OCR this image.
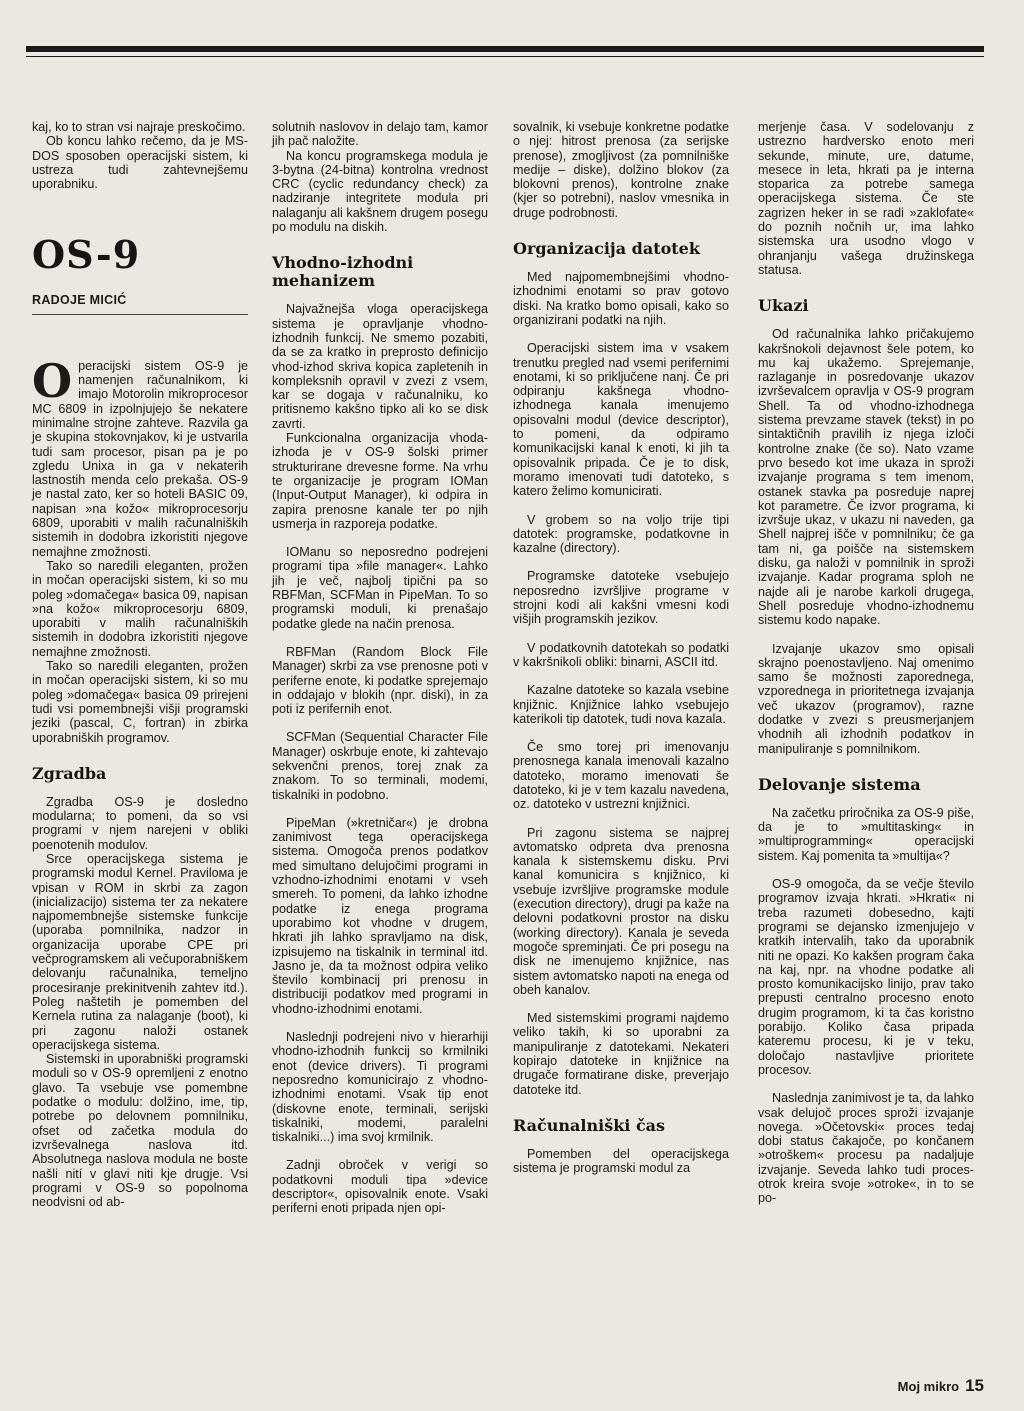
kaj, ko to stran vsi najraje preskočimo.

Ob koncu lahko rečemo, da je MS-DOS sposoben operacijski sistem, ki ustreza tudi zahtevnejšemu uporabniku.

OS-9
RADOJE MICIĆ

Operacijski sistem OS-9 je namenjen računalnikom, ki imajo Motorolin mikroprocesor MC 6809 in izpolnjujejo še nekatere minimalne strojne zahteve. Razvila ga je skupina stokovnjakov, ki je ustvarila tudi sam procesor, pisan pa je po zgledu Unixa in ga v nekaterih lastnostih menda celo prekaša. OS-9 je nastal zato, ker so hoteli BASIC 09, napisan »na kožo« mikroprocesorju 6809, uporabiti v malih računalniških sistemih in dodobra izkoristiti njegove nemajhne zmožnosti.

Tako so naredili eleganten, prožen in močan operacijski sistem, ki so mu poleg »domačega« basica 09, napisan »na kožo« mikroprocesorju 6809, uporabiti v malih računalniških sistemih in dodobra izkoristiti njegove nemajhne zmožnosti.

Tako so naredili eleganten, prožen in močan operacijski sistem, ki so mu poleg »domačega« basica 09 prirejeni tudi vsi pomembnejši višji programski jeziki (pascal, C, fortran) in zbirka uporabniških programov.

Zgradba

Zgradba OS-9 je dosledno modularna; to pomeni, da so vsi programi v njem narejeni v obliki poenotenih modulov.

Srce operacijskega sistema je programski modul Kernel. Pravilома je vpisan v ROM in skrbi za zagon (inicializacijo) sistema ter za nekatere najpomembnejše sistemske funkcije (uporaba pomnilnika, nadzor in organizacija uporabe CPE pri večprogramskem ali večuporabniškem delovanju računalnika, temeljno procesiranje prekinitvenih zahtev itd.). Poleg naštetih je pomemben del Kernela rutina za nalaganje (boot), ki pri zagonu naloži ostanek operacijskega sistema.

Sistemski in uporabniški programski moduli so v OS-9 opremljeni z enotno glavo. Ta vsebuje vse pomembne podatke o modulu: dolžino, ime, tip, potrebe po delovnem pomnilniku, ofset od začetka modula do izvrševalnega naslova itd. Absolutnega naslova modula ne boste našli nití v glavi niti kje drugje. Vsi programi v OS-9 so popolnoma neodvisni od ab-

solutnih naslovov in delajo tam, kamor jih pač naložite.

Na koncu programskega modula je 3-bytna (24-bitna) kontrolna vrednost CRC (cyclic redundancy check) za nadziranje integritete modula pri nalaganju ali kakšnem drugem posegu po modulu na diskih.

Vhodno-izhodni mehanizem

Najvažnejša vloga operacijskega sistema je opravljanje vhodno-izhodnih funkcij. Ne smemo pozabiti, da se za kratko in preprosto definicijo vhod-izhod skriva kopica zapletenih in kompleksnih opravil v zvezi z vsem, kar se dogaja v računalniku, ko pritisnemo kakšno tipko ali ko se disk zavrti.

Funkcionalna organizacija vhoda-izhoda je v OS-9 šolski primer strukturirane drevesne forme. Na vrhu te organizacije je program IOMan (Input-Output Manager), ki odpira in zapira prenosne kanale ter po njih usmerja in razporeja podatke.

IOManu so neposredno podrejeni programi tipa »file manager«. Lahko jih je več, najbolj tipični pa so RBFMan, SCFMan in PipeMan. To so programski moduli, ki prenašajo podatke glede na način prenosa.

RBFMan (Random Block File Manager) skrbi za vse prenosne poti v periferne enote, ki podatke sprejemajo in oddajajo v blokih (npr. diski), in za poti iz perifernih enot.

SCFMan (Sequential Character File Manager) oskrbuje enote, ki zahtevajo sekvenčni prenos, torej znak za znakom. To so terminali, modemi, tiskalniki in podobno.

PipeMan (»kretničar«) je drobna zanimivost tega operacijskega sistema. Omogoča prenos podatkov med simultano delujočimi programi in vzhodno-izhodnimi enotami v vseh smereh. To pomeni, da lahko izhodne podatke iz enega programa uporabimo kot vhodne v drugem, hkrati jih lahko spravljamo na disk, izpisujemo na tiskalnik in terminal itd. Jasno je, da ta možnost odpira veliko število kombinacij pri prenosu in distribuciji podatkov med programi in vhodno-izhodnimi enotami.

Naslednji podrejeni nivo v hierarhiji vhodno-izhodnih funkcij so krmilniki enot (device drivers). Ti programi neposredno komunicirajo z vhodno-izhodnimi enotami. Vsak tip enot (diskovne enote, terminali, serijski tiskalniki, modemi, paralelni tiskalniki...) ima svoj krmilnik.

Zadnji obroček v verigi so podatkovni moduli tipa »device descriptor«, opisovalnik enote. Vsaki periferni enoti pripada njen opi-

sovalnik, ki vsebuje konkretne podatke o njej: hitrost prenosa (za serijske prenose), zmogljivost (za pomnilniške medije – diske), dolžino blokov (za blokovni prenos), kontrolne znake (kjer so potrebni), naslov vmesnika in druge podrobnosti.

Organizacija datotek

Med najpomembnejšimi vhodno-izhodnimi enotami so prav gotovo diski. Na kratko bomo opisali, kako so organizirani podatki na njih.

Operacijski sistem ima v vsakem trenutku pregled nad vsemi perifernimi enotami, ki so priključene nanj. Če pri odpiranju kakšnega vhodno-izhodnega kanala imenujemo opisovalni modul (device descriptor), to pomeni, da odpiramo komunikacijski kanal k enoti, ki jih ta opisovalnik pripada. Če je to disk, moramo imenovati tudi datoteko, s katero želimo komunicirati.

V grobem so na voljo trije tipi datotek: programske, podatkovne in kazalne (directory).

Programske datoteke vsebujejo neposredno izvršljive programe v strojni kodi ali kakšni vmesni kodi višjih programskih jezikov.

V podatkovnih datotekah so podatki v kakršnikoli obliki: binarni, ASCII itd.

Kazalne datoteke so kazala vsebine knjižnic. Knjižnice lahko vsebujejo katerikoli tip datotek, tudi nova kazala.

Če smo torej pri imenovanju prenosnega kanala imenovali kazalno datoteko, moramo imenovati še datoteko, ki je v tem kazalu navedena, oz. datoteko v ustrezni knjižnici.

Pri zagonu sistema se najprej avtomatsko odpreta dva prenosna kanala k sistemskemu disku. Prvi kanal komunicira s knjižnico, ki vsebuje izvršljive programske module (execution directory), drugi pa kaže na delovni podatkovni prostor na disku (working directory). Kanala je seveda mogoče spreminjati. Če pri posegu na disk ne imenujemo knjižnice, nas sistem avtomatsko napoti na enega od obeh kanalov.

Med sistemskimi programi najdemo veliko takih, ki so uporabni za manipuliranje z datotekami. Nekateri kopirajo datoteke in knjižnice na drugače formatirane diske, preverjajo datoteke itd.

Računalniški čas

Pomemben del operacijskega sistema je programski modul za

merjenje časa. V sodelovanju z ustrezno hardversko enoto meri sekunde, minute, ure, datume, mesece in leta, hkrati pa je internа stoparica za potrebe samega operacijskega sistema. Če ste zagrizen heker in se radi »zaklofate« do poznih nočnih ur, ima lahko sistemska ura usodno vlogo v ohranjanju vašega družinskega statusa.

Ukazi

Od računalnika lahko pričakujemo kakršnokoli dejavnost šele potem, ko mu kaj ukažemo. Sprejemanje, razlaganje in posredovanje ukazov izvrševalcem opravlja v OS-9 program Shell. Ta od vhodno-izhodnega sistema prevzame stavek (tekst) in po sintaktičnih pravilih iz njega izloči kontrolne znake (če so). Nato vzame prvo besedo kot ime ukaza in sproži izvajanje programa s tem imenom, ostanek stavka pa posreduje naprej kot parametre. Če izvor programa, ki izvršuje ukaz, v ukazu ni naveden, ga Shell najprej išče v pomnilniku; če ga tam ni, ga poišče na sistemskem disku, ga naloži v pomnilnik in sproži izvajanje. Kadar programa sploh ne najde ali je narobe karkoli drugega, Shell posreduje vhodno-izhodnemu sistemu kodo napake.

Izvajanje ukazov smo opisali skrajno poenostavljeno. Naj omenimo samo še možnosti zaporednega, vzporednega in prioritetnega izvajanja več ukazov (programov), razne dodatke v zvezi s preusmerjanjem vhodnih ali izhodnih podatkov in manipuliranje s pomnilnikom.

Delovanje sistema

Na začetku priročnika za OS-9 piše, da je to »multitasking« in »multiprogramming« operacijski sistem. Kaj pomenita ta »multija«?

OS-9 omogoča, da se večje število programov izvaja hkrati. »Hkrati« ni treba razumeti dobesedno, kajti programi se dejansko izmenjujejo v kratkih intervalih, tako da uporabnik niti ne opazi. Ko kakšen program čaka na kaj, npr. na vhodne podatke ali prosto komunikacijsko linijo, prav tako prepusti centralno procesno enoto drugim programom, ki ta čas koristno porabijo. Koliko časa pripada kateremu procesu, ki je v teku, določajo nastavljive prioritete procesov.

Naslednja zanimivost je ta, da lahko vsak delujoč proces sproži izvajanje novega. »Očetovski« proces tedaj dobi status čakajoče, po končanem »otroškem« procesu pa nadaljuje izvajanje. Seveda lahko tudi proces-otrok kreira svoje »otroke«, in to se po-

Moj mikro 15
